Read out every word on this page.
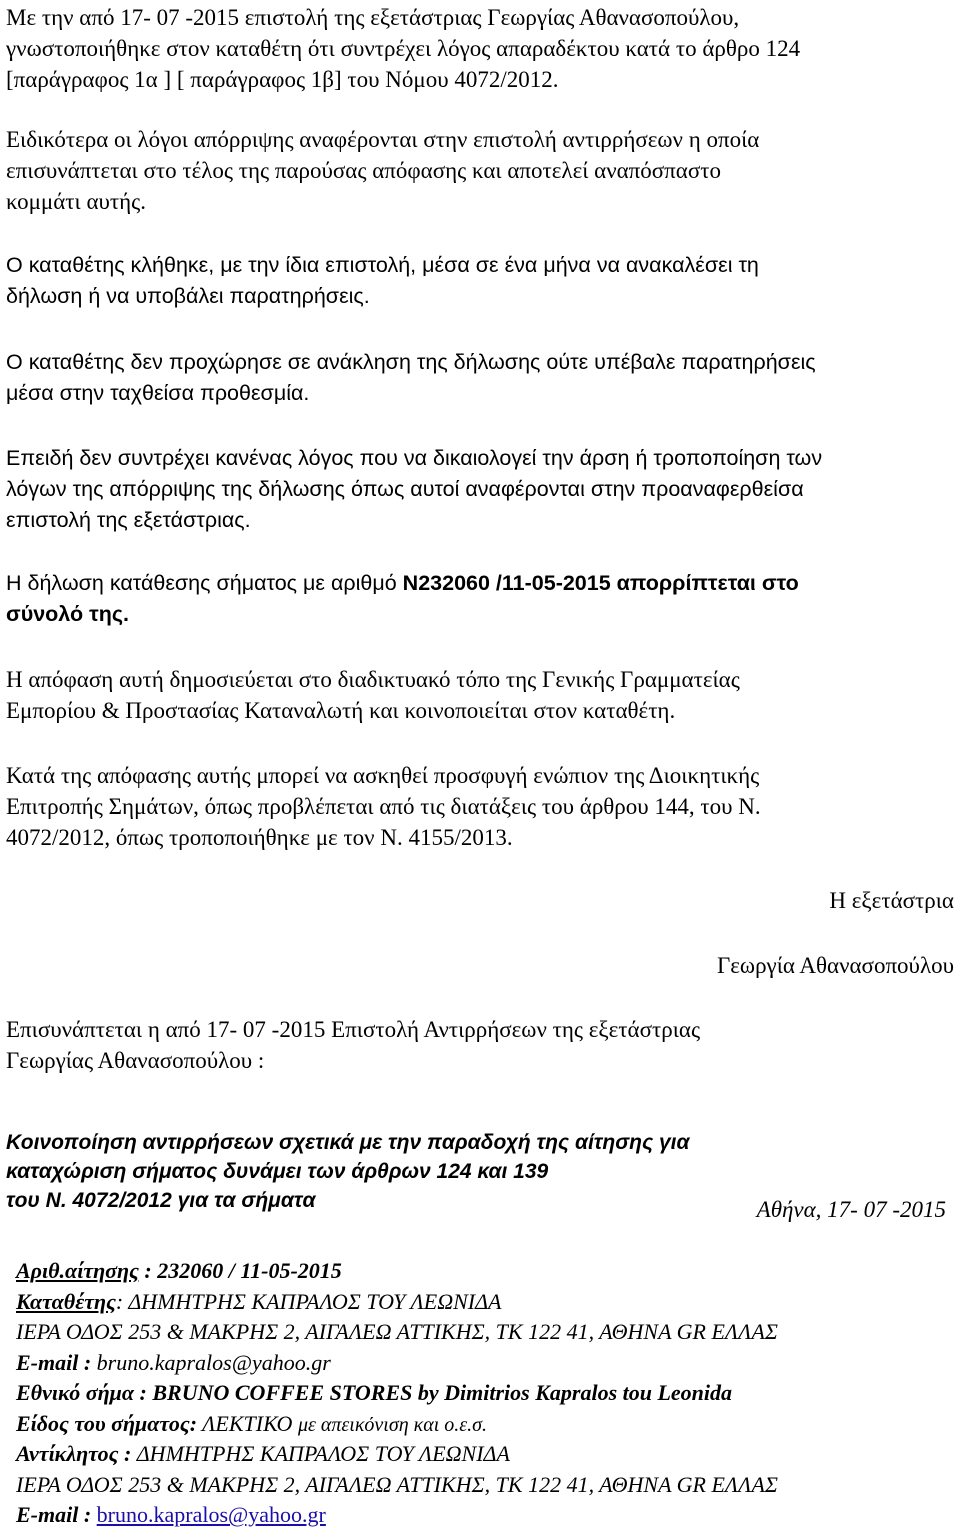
Με την από 17- 07 -2015 επιστολή της εξετάστριας Γεωργίας Αθανασοπούλου,
γνωστοποιήθηκε στον καταθέτη ότι συντρέχει λόγος απαραδέκτου κατά το άρθρο 124
[παράγραφος 1α ] [ παράγραφος 1β] του Νόμου 4072/2012.

Ειδικότερα οι λόγοι απόρριψης αναφέρονται στην επιστολή αντιρρήσεων η οποία
επισυνάπτεται στο τέλος της παρούσας απόφασης και αποτελεί αναπόσπαστο
κομμάτι αυτής.

Ο καταθέτης κλήθηκε, με την ίδια επιστολή, μέσα σε ένα μήνα να ανακαλέσει τη
δήλωση ή να υποβάλει παρατηρήσεις.

Ο καταθέτης δεν προχώρησε σε ανάκληση της δήλωσης ούτε υπέβαλε παρατηρήσεις
μέσα στην ταχθείσα προθεσμία.

Επειδή δεν συντρέχει κανένας λόγος που να δικαιολογεί την άρση ή τροποποίηση των
λόγων της απόρριψης της δήλωσης όπως αυτοί αναφέρονται στην προαναφερθείσα
επιστολή της εξετάστριας.

Η δήλωση κατάθεσης σήματος με αριθμό N232060 /11-05-2015 απορρίπτεται στο
σύνολό της.

Η απόφαση αυτή δημοσιεύεται στο διαδικτυακό τόπο της Γενικής Γραμματείας
Εμπορίου & Προστασίας Καταναλωτή και κοινοποιείται στον καταθέτη.

Κατά της απόφασης αυτής μπορεί να ασκηθεί προσφυγή ενώπιον της Διοικητικής
Επιτροπής Σημάτων, όπως προβλέπεται από τις διατάξεις του άρθρου 144, του Ν.
4072/2012, όπως τροποποιήθηκε με τον Ν. 4155/2013.

Η εξετάστρια
Γεωργία Αθανασοπούλου

Επισυνάπτεται η από 17- 07 -2015 Επιστολή Αντιρρήσεων της εξετάστριας
Γεωργίας Αθανασοπούλου :

Κοινοποίηση αντιρρήσεων σχετικά με την παραδοχή της αίτησης για
καταχώριση σήματος δυνάμει των άρθρων 124 και 139
του Ν. 4072/2012 για τα σήματα	Αθήνα, 17- 07 -2015
Αριθ.αίτησης : 232060 / 11-05-2015
Καταθέτης: ΔΗΜΗΤΡΗΣ ΚΑΠΡΑΛΟΣ ΤΟΥ ΛΕΩΝΙΔΑ
ΙΕΡΑ ΟΔΟΣ 253 & ΜΑΚΡΗΣ 2, ΑΙΓΑΛΕΩ ΑΤΤΙΚΗΣ, ΤΚ 122 41, ΑΘΗΝΑ GR ΕΛΛΑΣ
E-mail : bruno.kapralos@yahoo.gr
Εθνικό σήμα : BRUNO COFFEE STORES by Dimitrios Kapralos tou Leonida
Είδος του σήματος: ΛΕΚΤΙΚΟ με απεικόνιση και ο.ε.σ.
Αντίκλητος : ΔΗΜΗΤΡΗΣ ΚΑΠΡΑΛΟΣ ΤΟΥ ΛΕΩΝΙΔΑ
ΙΕΡΑ ΟΔΟΣ 253 & ΜΑΚΡΗΣ 2, ΑΙΓΑΛΕΩ ΑΤΤΙΚΗΣ, ΤΚ 122 41, ΑΘΗΝΑ GR ΕΛΛΑΣ
E-mail : bruno.kapralos@yahoo.gr
